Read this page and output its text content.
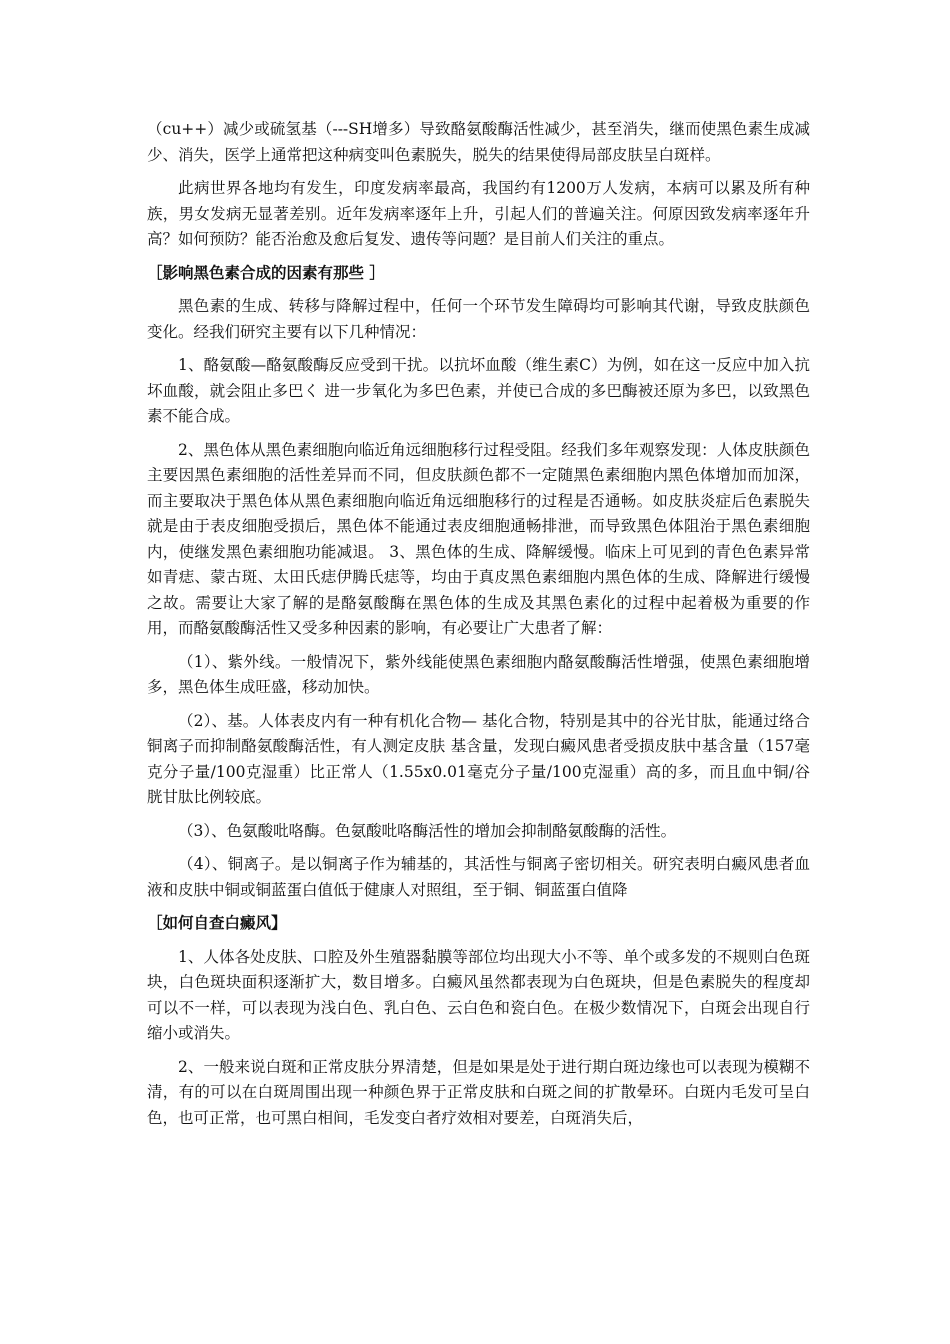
（cu++）减少或硫氢基（---SH增多）导致酪氨酸酶活性减少，甚至消失，继而使黑色素生成减少、消失，医学上通常把这种病变叫色素脱失，脱失的结果使得局部皮肤呈白斑样。

此病世界各地均有发生，印度发病率最高，我国约有1200万人发病，本病可以累及所有种族，男女发病无显著差别。近年发病率逐年上升，引起人们的普遍关注。何原因致发病率逐年升高？如何预防？能否治愈及愈后复发、遗传等问题？是目前人们关注的重点。

［影响黑色素合成的因素有那些 ］

黑色素的生成、转移与降解过程中，任何一个环节发生障碍均可影响其代谢，导致皮肤颜色变化。经我们研究主要有以下几种情况：

1、酪氨酸—酪氨酸酶反应受到干扰。以抗坏血酸（维生素C）为例，如在这一反应中加入抗坏血酸，就会阻止多巴く 进一步氧化为多巴色素，并使已合成的多巴酶被还原为多巴，以致黑色素不能合成。

2、黑色体从黑色素细胞向临近角远细胞移行过程受阻。经我们多年观察发现：人体皮肤颜色主要因黑色素细胞的活性差异而不同，但皮肤颜色都不一定随黑色素细胞内黑色体增加而加深，而主要取决于黑色体从黑色素细胞向临近角远细胞移行的过程是否通畅。如皮肤炎症后色素脱失就是由于表皮细胞受损后，黑色体不能通过表皮细胞通畅排泄，而导致黑色体阻治于黑色素细胞内，使继发黑色素细胞功能减退。 3、黑色体的生成、降解缓慢。临床上可见到的青色色素异常如青痣、蒙古斑、太田氏痣伊腾氏痣等，均由于真皮黑色素细胞内黑色体的生成、降解进行缓慢之故。需要让大家了解的是酪氨酸酶在黑色体的生成及其黑色素化的过程中起着极为重要的作用，而酪氨酸酶活性又受多种因素的影响，有必要让广大患者了解：

（1）、紫外线。一般情况下，紫外线能使黑色素细胞内酪氨酸酶活性增强，使黑色素细胞增多，黑色体生成旺盛，移动加快。

（2）、基。人体表皮内有一种有机化合物— 基化合物，特别是其中的谷光甘肽，能通过络合铜离子而抑制酪氨酸酶活性，有人测定皮肤 基含量，发现白癜风患者受损皮肤中基含量（157毫克分子量/100克湿重）比正常人（1.55x0.01毫克分子量/100克湿重）高的多，而且血中铜/谷胱甘肽比例较底。

（3）、色氨酸吡咯酶。色氨酸吡咯酶活性的增加会抑制酪氨酸酶的活性。

（4）、铜离子。是以铜离子作为辅基的，其活性与铜离子密切相关。研究表明白癜风患者血液和皮肤中铜或铜蓝蛋白值低于健康人对照组，至于铜、铜蓝蛋白值降

［如何自查白癜风】

1、人体各处皮肤、口腔及外生殖器黏膜等部位均出现大小不等、单个或多发的不规则白色斑块，白色斑块面积逐渐扩大，数目增多。白癜风虽然都表现为白色斑块，但是色素脱失的程度却可以不一样，可以表现为浅白色、乳白色、云白色和瓷白色。在极少数情况下，白斑会出现自行缩小或消失。

2、一般来说白斑和正常皮肤分界清楚，但是如果是处于进行期白斑边缘也可以表现为模糊不清，有的可以在白斑周围出现一种颜色界于正常皮肤和白斑之间的扩散晕环。白斑内毛发可呈白色，也可正常，也可黑白相间，毛发变白者疗效相对要差，白斑消失后，
